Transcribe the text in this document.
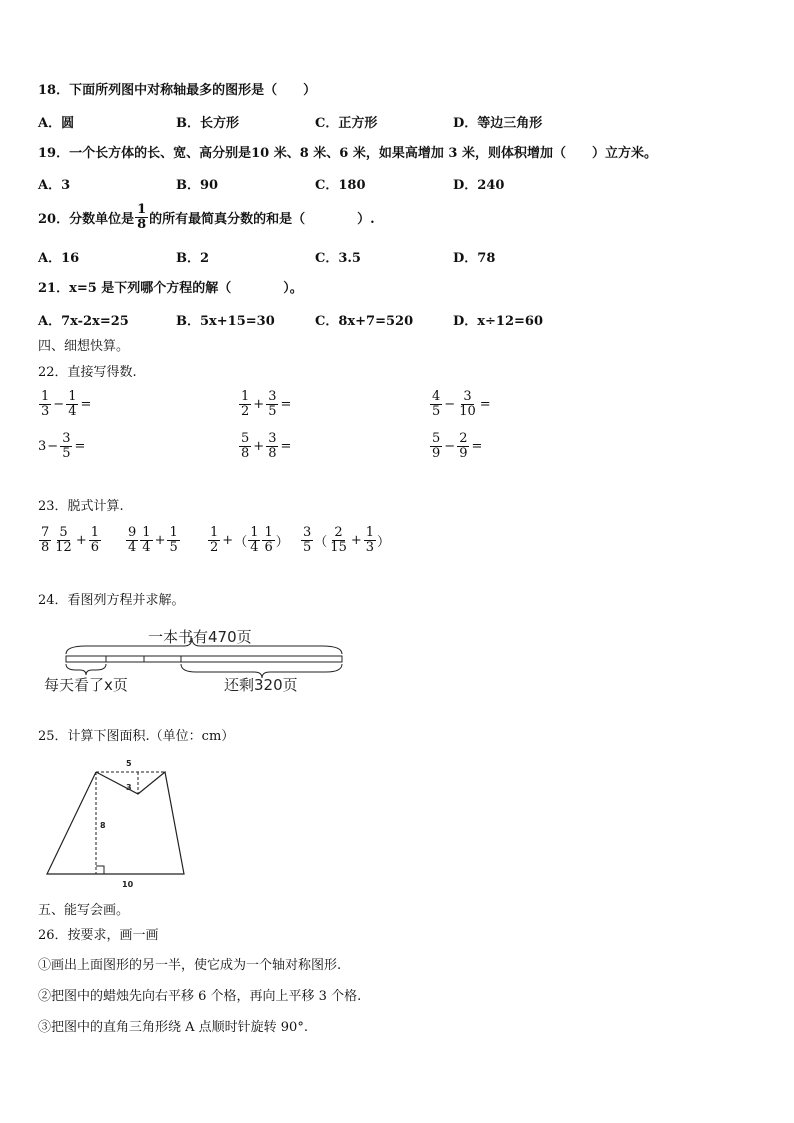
18．下面所列图中对称轴最多的图形是（　　）
A．圆	B．长方形	C．正方形	D．等边三角形
19．一个长方体的长、宽、高分别是10 米、8 米、6 米，如果高增加 3 米，则体积增加（　　）立方米。
A．3	B．90	C．180	D．240
20．分数单位是 $\frac{1}{8}$ 的所有最简真分数的和是（　　　　）.
A．16	B．2	C．3.5	D．78
21．x=5 是下列哪个方程的解（　　　　）。
A．7x-2x=25	B．5x+15=30	C．8x+7=520	D．x÷12=60
四、细想快算。
22．直接写得数.
$\frac{1}{3} - \frac{1}{4}$ =	$\frac{1}{2} + \frac{3}{5}$ =	$\frac{4}{5} - \frac{3}{10}$ =
$3 - \frac{3}{5}$ =	$\frac{5}{8} + \frac{3}{8}$ =	$\frac{5}{9} - \frac{2}{9}$ =
23．脱式计算.
$\frac{7}{8} \frac{5}{12} + \frac{1}{6} \frac{9}{4} \frac{1}{4} + \frac{1}{5} \frac{1}{2}$ + （ $\frac{1}{4} \frac{1}{6}$ ） $\frac{3}{5}$ （ $\frac{2}{15} + \frac{1}{3}$ ）
24．看图列方程并求解。
一本书有470页
每天看了x页	还剩320页
25．计算下图面积.（单位：cm）
5
3
8
10
五、能写会画。
26．按要求，画一画
①画出上面图形的另一半，使它成为一个轴对称图形.
②把图中的蜡烛先向右平移 6 个格，再向上平移 3 个格.
③把图中的直角三角形绕 A 点顺时针旋转 90°.
